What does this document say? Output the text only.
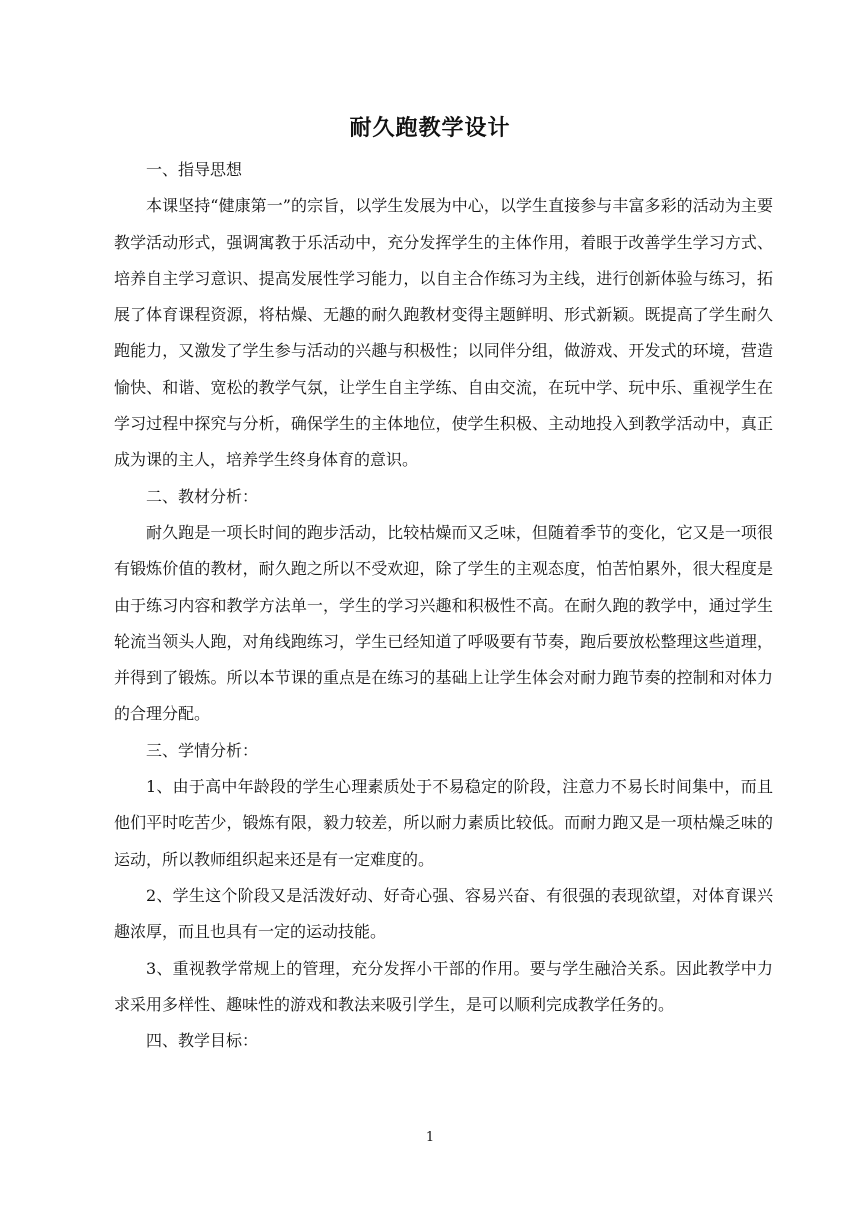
耐久跑教学设计

一、指导思想

本课坚持“健康第一”的宗旨，以学生发展为中心，以学生直接参与丰富多彩的活动为主要教学活动形式，强调寓教于乐活动中，充分发挥学生的主体作用，着眼于改善学生学习方式、培养自主学习意识、提高发展性学习能力，以自主合作练习为主线，进行创新体验与练习，拓展了体育课程资源，将枯燥、无趣的耐久跑教材变得主题鲜明、形式新颖。既提高了学生耐久跑能力，又激发了学生参与活动的兴趣与积极性；以同伴分组，做游戏、开发式的环境，营造愉快、和谐、宽松的教学气氛，让学生自主学练、自由交流，在玩中学、玩中乐、重视学生在学习过程中探究与分析，确保学生的主体地位，使学生积极、主动地投入到教学活动中，真正成为课的主人，培养学生终身体育的意识。

二、教材分析：

耐久跑是一项长时间的跑步活动，比较枯燥而又乏味，但随着季节的变化，它又是一项很有锻炼价值的教材，耐久跑之所以不受欢迎，除了学生的主观态度，怕苦怕累外，很大程度是由于练习内容和教学方法单一，学生的学习兴趣和积极性不高。在耐久跑的教学中，通过学生轮流当领头人跑，对角线跑练习，学生已经知道了呼吸要有节奏，跑后要放松整理这些道理，并得到了锻炼。所以本节课的重点是在练习的基础上让学生体会对耐力跑节奏的控制和对体力的合理分配。

三、学情分析：

1、由于高中年龄段的学生心理素质处于不易稳定的阶段，注意力不易长时间集中，而且他们平时吃苦少，锻炼有限，毅力较差，所以耐力素质比较低。而耐力跑又是一项枯燥乏味的运动，所以教师组织起来还是有一定难度的。

2、学生这个阶段又是活泼好动、好奇心强、容易兴奋、有很强的表现欲望，对体育课兴趣浓厚，而且也具有一定的运动技能。

3、重视教学常规上的管理，充分发挥小干部的作用。要与学生融洽关系。因此教学中力求采用多样性、趣味性的游戏和教法来吸引学生，是可以顺利完成教学任务的。

四、教学目标：

1
